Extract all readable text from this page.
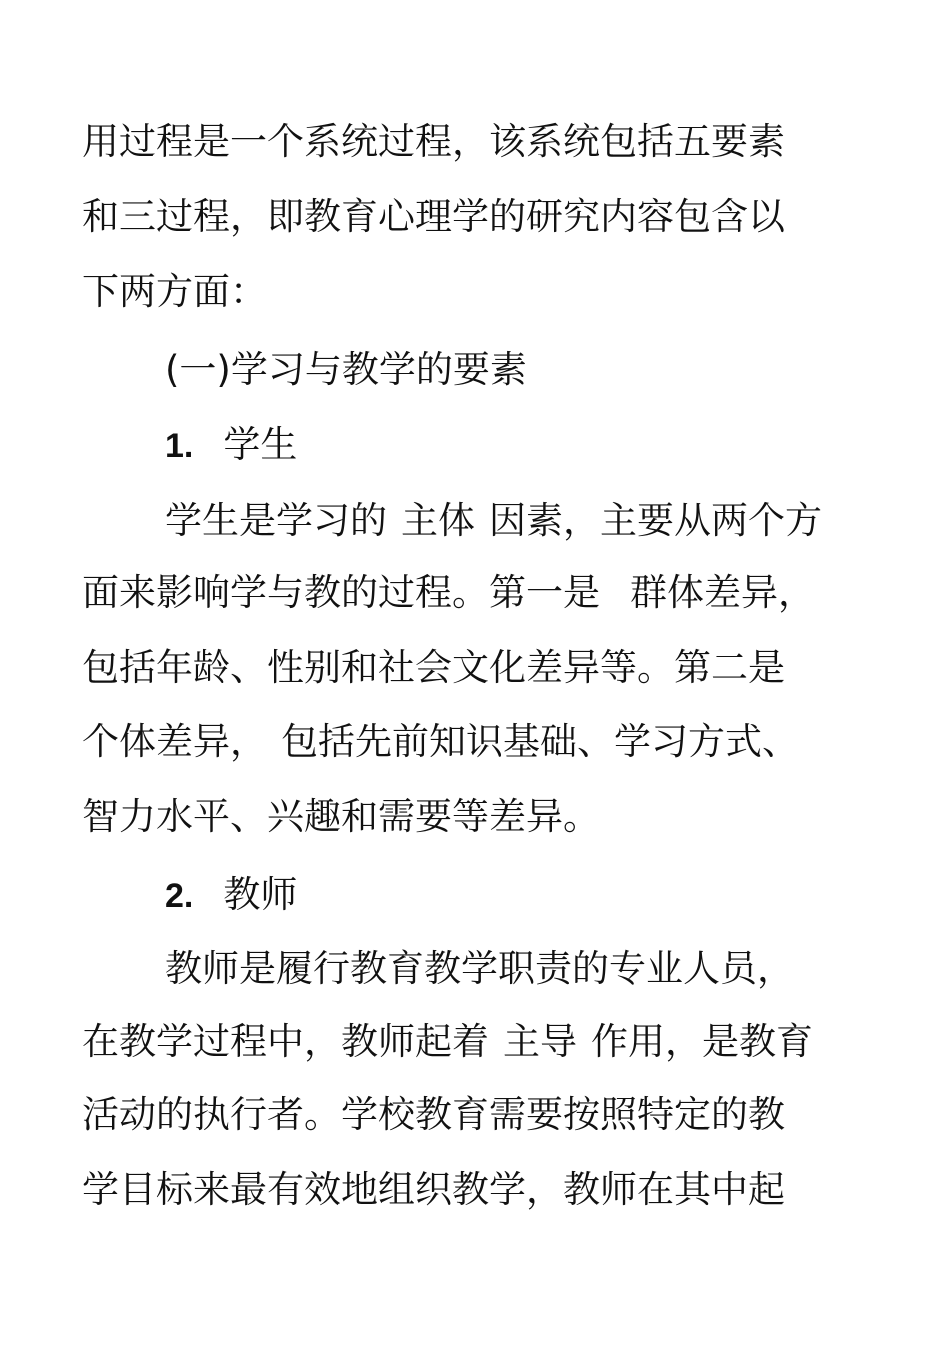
用过程是一个系统过程，该系统包括五要素
和三过程，即教育心理学的研究内容包含以
下两方面：
(一)学习与教学的要素
1. 学生
学生是学习的 主体 因素，主要从两个方
面来影响学与教的过程。第一是 群体差异，
包括年龄、性别和社会文化差异等。第二是
个体差异， 包括先前知识基础、学习方式、
智力水平、兴趣和需要等差异。
2. 教师
教师是履行教育教学职责的专业人员，
在教学过程中，教师起着 主导 作用，是教育
活动的执行者。学校教育需要按照特定的教
学目标来最有效地组织教学，教师在其中起
